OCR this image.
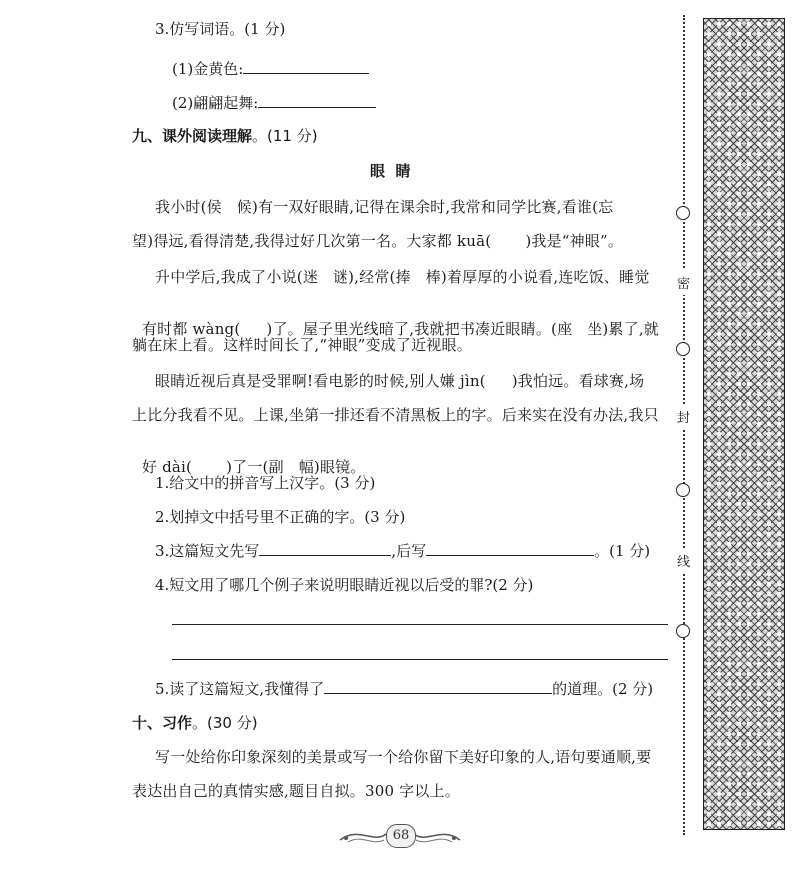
3.仿写词语。(1 分)
(1)金黄色:
(2)翩翩起舞:
九、课外阅读理解。(11 分)
眼  睛
我小时(侯   候)有一双好眼睛,记得在课余时,我常和同学比赛,看谁(忘
望)得远,看得清楚,我得过好几次第一名。大家都 kuā( )我是“神眼”。
升中学后,我成了小说(迷   谜),经常(捧   棒)着厚厚的小说看,连吃饭、睡觉

有时都 wàng( )了。屋子里光线暗了,我就把书凑近眼睛。(座   坐)累了,就

躺在床上看。这样时间长了,“神眼”变成了近视眼。
眼睛近视后真是受罪啊!看电影的时候,别人嫌 jìn( )我怕远。看球赛,场
上比分我看不见。上课,坐第一排还看不清黑板上的字。后来实在没有办法,我只

好 dài( )了一(副   幅)眼镜。

1.给文中的拼音写上汉字。(3 分)
2.划掉文中括号里不正确的字。(3 分)
3.这篇短文先写	,后写	。(1 分)
4.短文用了哪几个例子来说明眼睛近视以后受的罪?(2 分)
5.读了这篇短文,我懂得了	的道理。(2 分)
十、习作。(30 分)
写一处给你印象深刻的美景或写一个给你留下美好印象的人,语句要通顺,要
表达出自己的真情实感,题目自拟。300 字以上。
密
封
线
68
